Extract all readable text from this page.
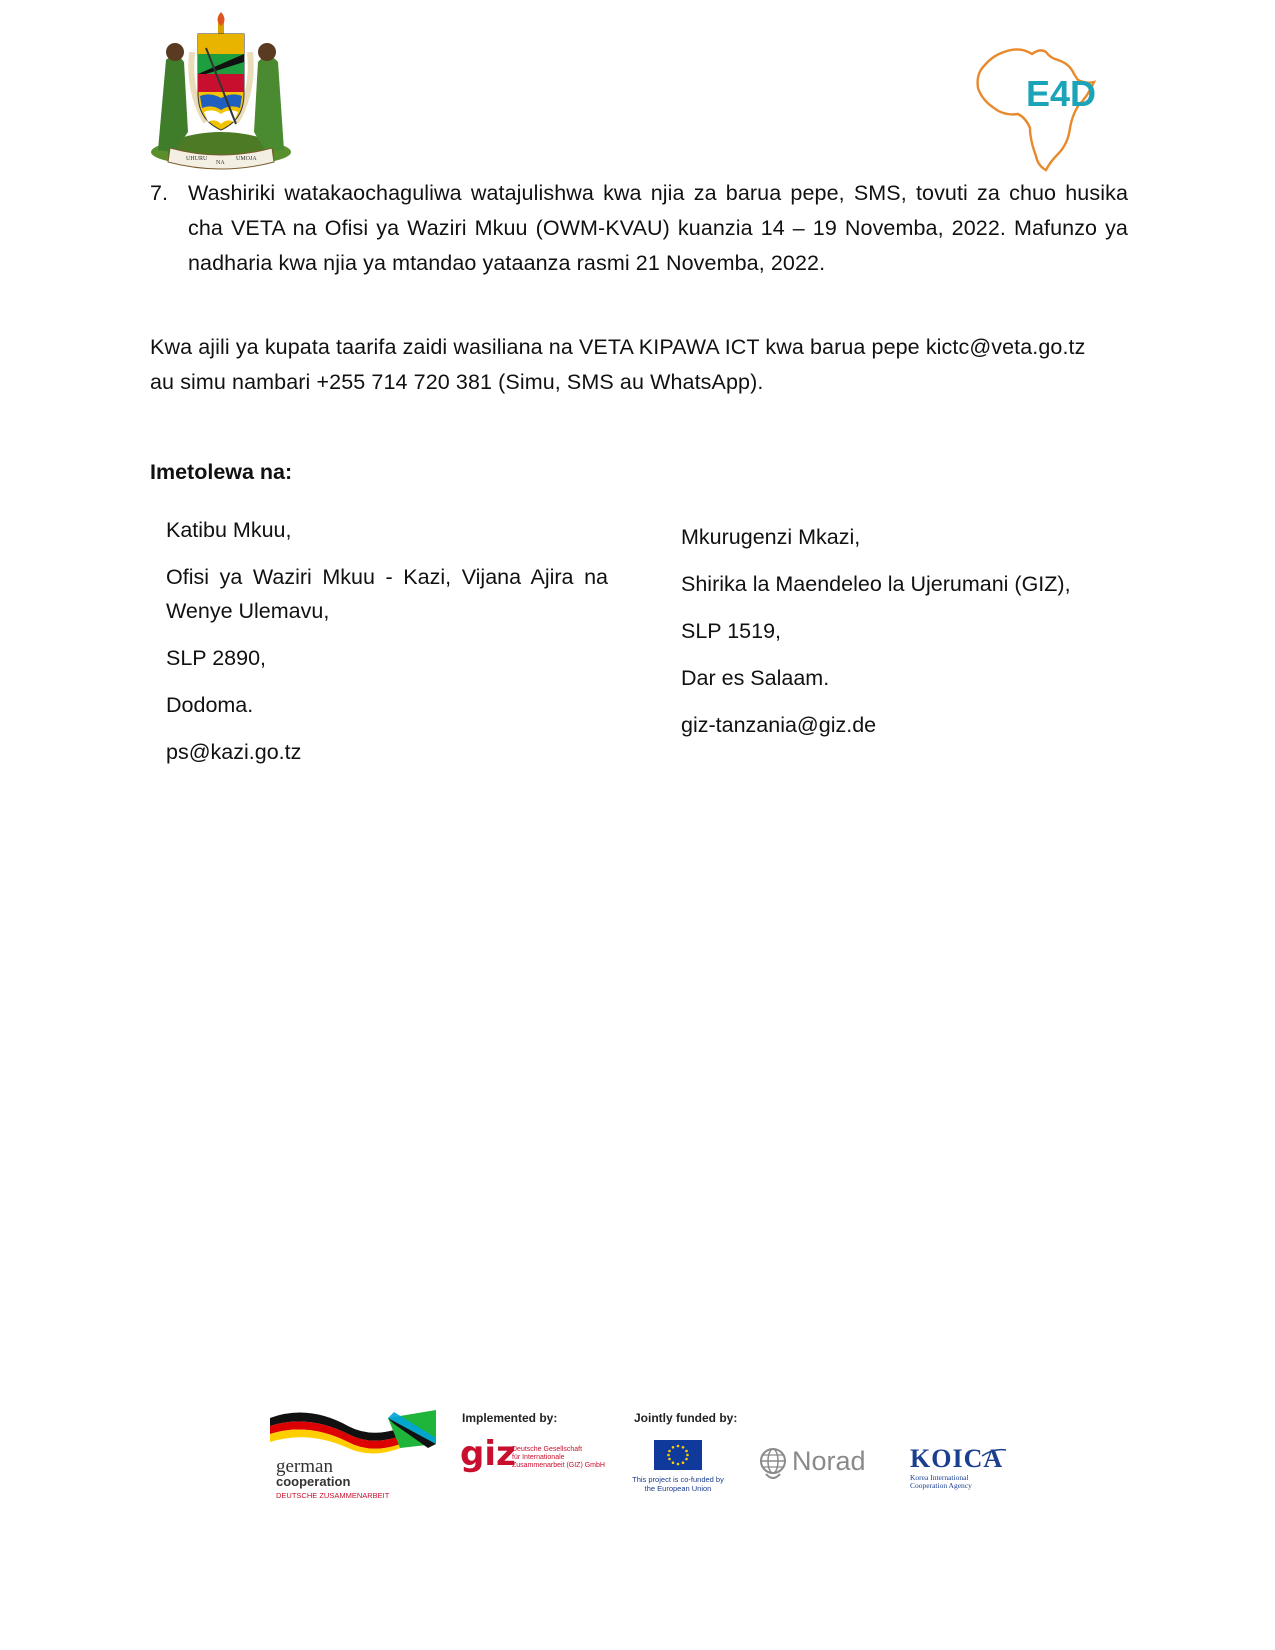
UHURU
NA
UMOJA
E4D
7. Washiriki watakaochaguliwa watajulishwa kwa njia za barua pepe, SMS, tovuti za chuo husika
cha VETA na Ofisi ya Waziri Mkuu (OWM-KVAU) kuanzia 14 – 19 Novemba, 2022. Mafunzo ya
nadharia kwa njia ya mtandao yataanza rasmi 21 Novemba, 2022.
Kwa ajili ya kupata taarifa zaidi wasiliana na VETA KIPAWA ICT kwa barua pepe kictc@veta.go.tz
au simu nambari +255 714 720 381 (Simu, SMS au WhatsApp).
Imetolewa na:

Katibu Mkuu,

Ofisi ya Waziri Mkuu - Kazi, Vijana Ajira na Wenye Ulemavu,

SLP 2890,

Dodoma.

ps@kazi.go.tz

Mkurugenzi Mkazi,

Shirika la Maendeleo la Ujerumani (GIZ),

SLP 1519,

Dar es Salaam.

giz-tanzania@giz.de

german
cooperation
DEUTSCHE ZUSAMMENARBEIT
Implemented by:
giz
Deutsche Gesellschaft
für Internationale
Zusammenarbeit (GIZ) GmbH
Jointly funded by:
This project is co-funded by
the European Union
Norad KOICA
Korea International
Cooperation Agency
